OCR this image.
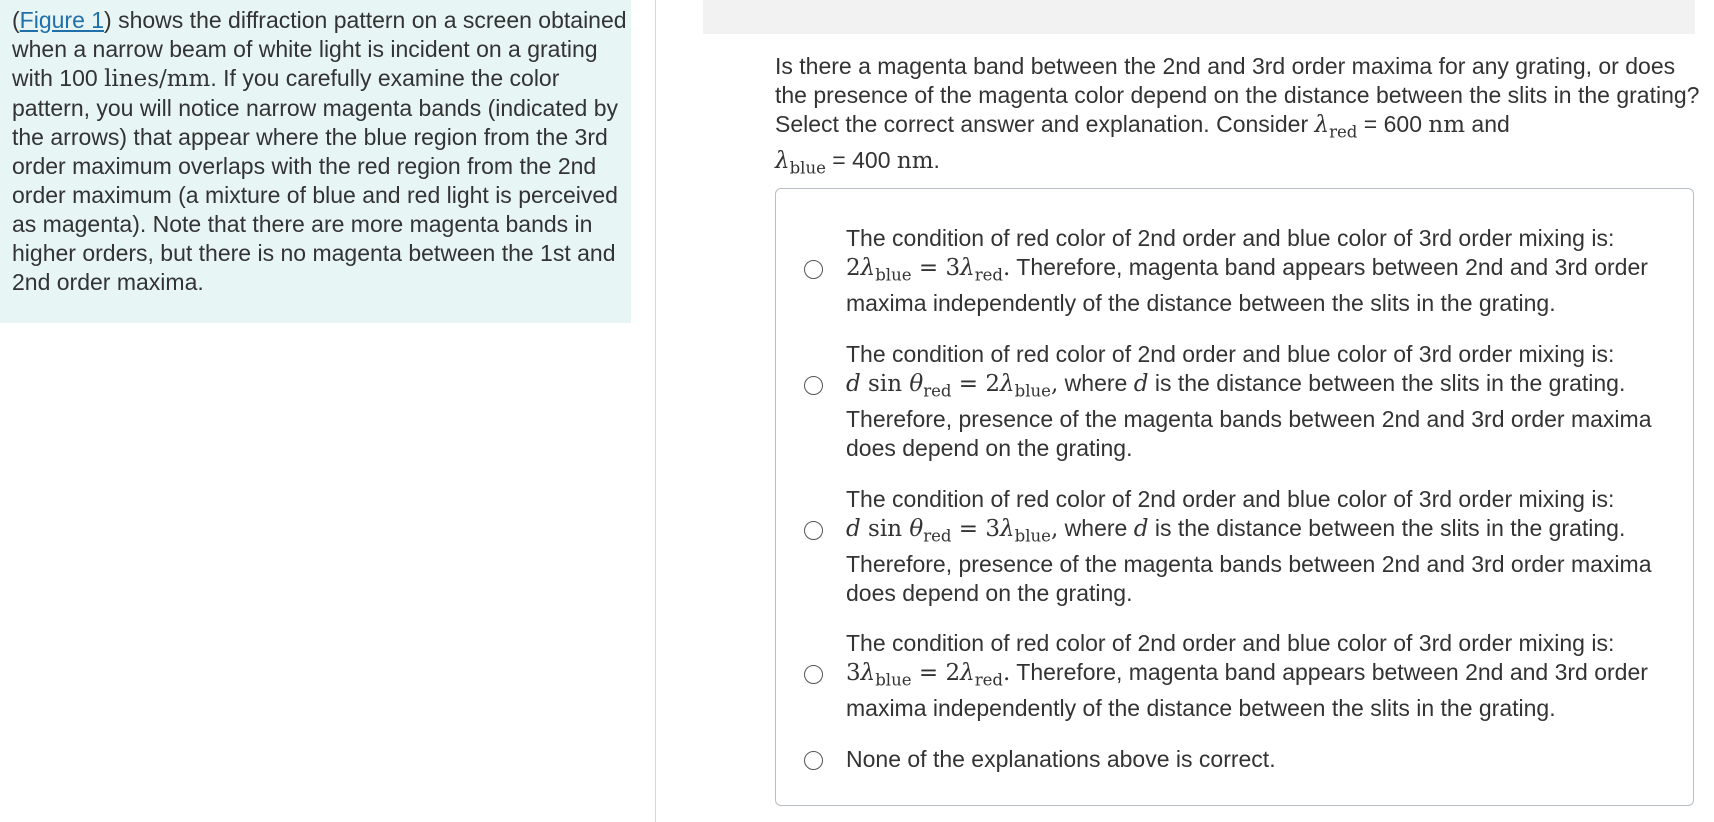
(Figure 1) shows the diffraction pattern on a screen obtained when a narrow beam of white light is incident on a grating with 100 lines/mm. If you carefully examine the color pattern, you will notice narrow magenta bands (indicated by the arrows) that appear where the blue region from the 3rd order maximum overlaps with the red region from the 2nd order maximum (a mixture of blue and red light is perceived as magenta). Note that there are more magenta bands in higher orders, but there is no magenta between the 1st and 2nd order maxima.
Is there a magenta band between the 2nd and 3rd order maxima for any grating, or does the presence of the magenta color depend on the distance between the slits in the grating? Select the correct answer and explanation. Consider $\lambda_{red} = 600$ nm and
$\lambda_{blue} = 400$ nm.
The condition of red color of 2nd order and blue color of 3rd order mixing is:
$2\lambda_{blue} = 3\lambda_{red}$. Therefore, magenta band appears between 2nd and 3rd order maxima independently of the distance between the slits in the grating.
The condition of red color of 2nd order and blue color of 3rd order mixing is:
d $\sin \theta_{red} = 2\lambda_{blue}$, where d is the distance between the slits in the grating. Therefore, presence of the magenta bands between 2nd and 3rd order maxima does depend on the grating.
The condition of red color of 2nd order and blue color of 3rd order mixing is:
d $\sin \theta_{red} = 3\lambda_{blue}$, where d is the distance between the slits in the grating. Therefore, presence of the magenta bands between 2nd and 3rd order maxima does depend on the grating.
The condition of red color of 2nd order and blue color of 3rd order mixing is:
$3\lambda_{blue} = 2\lambda_{red}$. Therefore, magenta band appears between 2nd and 3rd order maxima independently of the distance between the slits in the grating.
None of the explanations above is correct.
